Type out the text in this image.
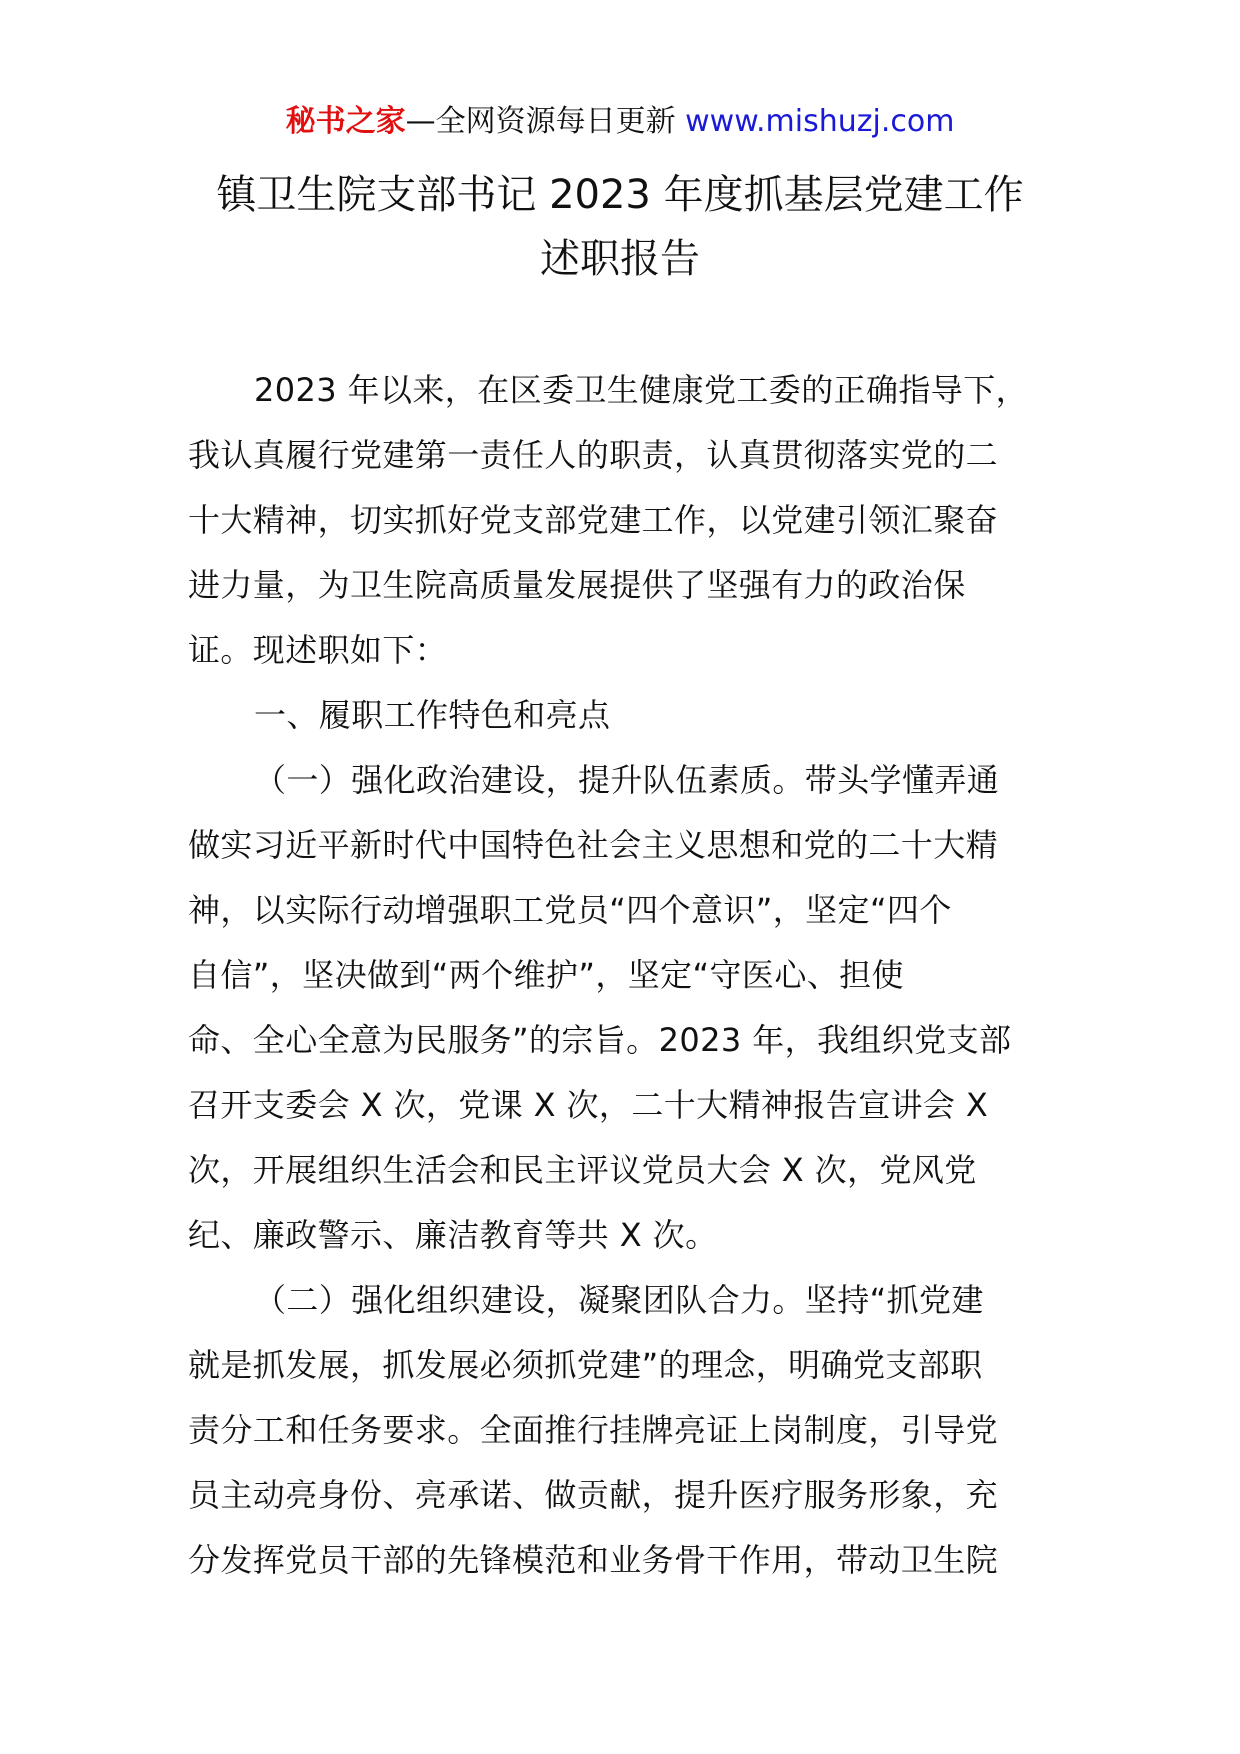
秘书之家—全网资源每日更新 www.mishuzj.com
镇卫生院支部书记 2023 年度抓基层党建工作
述职报告
2023 年以来，在区委卫生健康党工委的正确指导下，
我认真履行党建第一责任人的职责，认真贯彻落实党的二
十大精神，切实抓好党支部党建工作，以党建引领汇聚奋
进力量，为卫生院高质量发展提供了坚强有力的政治保
证。现述职如下：
一、履职工作特色和亮点
（一）强化政治建设，提升队伍素质。带头学懂弄通
做实习近平新时代中国特色社会主义思想和党的二十大精
神，以实际行动增强职工党员“四个意识”，坚定“四个
自信”，坚决做到“两个维护”，坚定“守医心、担使
命、全心全意为民服务”的宗旨。2023 年，我组织党支部
召开支委会 X 次，党课 X 次，二十大精神报告宣讲会 X
次，开展组织生活会和民主评议党员大会 X 次，党风党
纪、廉政警示、廉洁教育等共 X 次。
（二）强化组织建设，凝聚团队合力。坚持“抓党建
就是抓发展，抓发展必须抓党建”的理念，明确党支部职
责分工和任务要求。全面推行挂牌亮证上岗制度，引导党
员主动亮身份、亮承诺、做贡献，提升医疗服务形象，充
分发挥党员干部的先锋模范和业务骨干作用，带动卫生院
